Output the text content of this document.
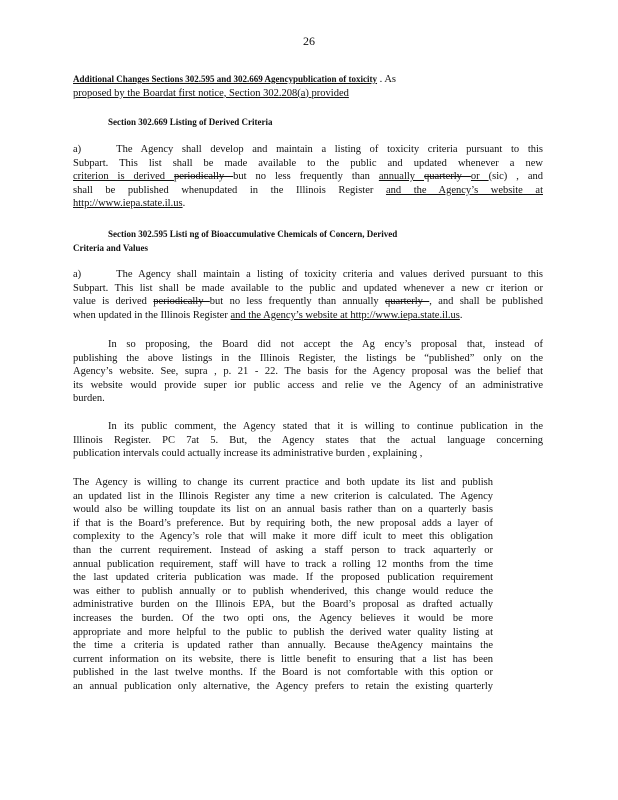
26
Additional Changes Sections 302.595 and 302.669 Agencypublication of toxicity . As
proposed by the Boardat first notice, Section 302.208(a) provided
Section 302.669 Listing of Derived Criteria
a)	The Agency shall develop and maintain a listing of toxicity criteria pursuant to this
Subpart. This list shall be made available to the public and updated whenever a new
criterion is derived periodically but no less frequently than annually quarterly or (sic) , and
shall be published whenupdated in the Illinois Register and the Agency’s website at
http://www.iepa.state.il.us.
Section 302.595 Listi ng of Bioaccumulative Chemicals of Concern, Derived
Criteria and Values
a)	The Agency shall maintain a listing of toxicity criteria and values derived pursuant to this
Subpart. This list shall be made available to the public and updated whenever a new cr iterion or
value is derived periodically but no less frequently than annually quarterly , and shall be published
when updated in the Illinois Register and the Agency’s website at http://www.iepa.state.il.us.
In so proposing, the Board did not accept the Ag ency’s proposal that, instead of
publishing the above listings in the Illinois Register, the listings be “published” only on the
Agency’s website. See, supra , p. 21 - 22. The basis for the Agency proposal was the belief that
its website would provide super ior public access and relie ve the Agency of an administrative
burden.
In its public comment, the Agency stated that it is willing to continue publication in the
Illinois Register. PC 7at 5. But, the Agency states that the actual language concerning
publication intervals could actually increase its administrative burden , explaining ,
The Agency is willing to change its current practice and both update its list and publish
an updated list in the Illinois Register any time a new criterion is calculated. The Agency
would also be willing toupdate its list on an annual basis rather than on a quarterly basis
if that is the Board’s preference. But by requiring both, the new proposal adds a layer of
complexity to the Agency’s role that will make it more diff icult to meet this obligation
than the current requirement. Instead of asking a staff person to track aquarterly or
annual publication requirement, staff will have to track a rolling 12 months from the time
the last updated criteria publication was made. If the proposed publication requirement
was either to publish annually or to publish whenderived, this change would reduce the
administrative burden on the Illinois EPA, but the Board’s proposal as drafted actually
increases the burden. Of the two opti ons, the Agency believes it would be more
appropriate and more helpful to the public to publish the derived water quality listing at
the time a criteria is updated rather than annually. Because theAgency maintains the
current information on its website, there is little benefit to ensuring that a list has been
published in the last twelve months. If the Board is not comfortable with this option or
an annual publication only alternative, the Agency prefers to retain the existing quarterly
